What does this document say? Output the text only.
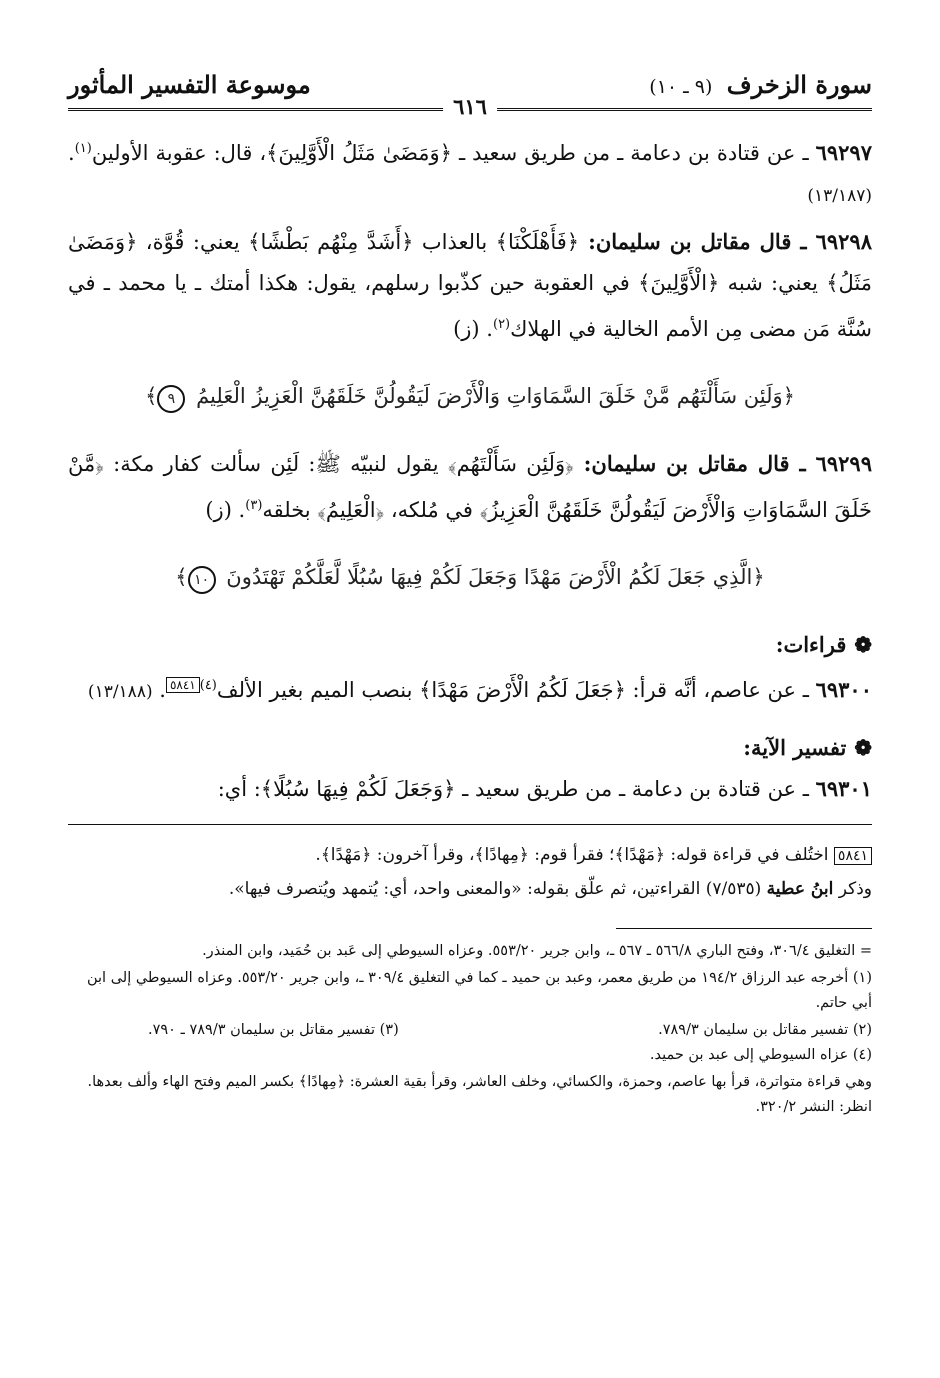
سورة الزخرف (٩ ـ ١٠)
موسوعة التفسير المأثور
٦١٦

٦٩٢٩٧ ـ عن قتادة بن دعامة ـ من طريق سعيد ـ ﴿وَمَضَىٰ مَثَلُ الْأَوَّلِينَ﴾، قال: عقوبة الأولين$^{(١)}$. (١٣/١٨٧)

٦٩٢٩٨ ـ قال مقاتل بن سليمان: ﴿فَأَهْلَكْنَا﴾ بالعذاب ﴿أَشَدَّ مِنْهُم بَطْشًا﴾ يعني: قُوَّة، ﴿وَمَضَىٰ مَثَلُ﴾ يعني: شبه ﴿الْأَوَّلِينَ﴾ في العقوبة حين كذّبوا رسلهم، يقول: هكذا أمتك ـ يا محمد ـ في سُنَّة مَن مضى مِن الأمم الخالية في الهلاك$^{(٢)}$. (ز)

﴿وَلَئِن سَأَلْتَهُم مَّنْ خَلَقَ السَّمَاوَاتِ وَالْأَرْضَ لَيَقُولُنَّ خَلَقَهُنَّ الْعَزِيزُ الْعَلِيمُ ٩﴾

٦٩٢٩٩ ـ قال مقاتل بن سليمان: ﴿وَلَئِن سَأَلْتَهُم﴾ يقول لنبيّه ﷺ: لَئِن سألت كفار مكة: ﴿مَّنْ خَلَقَ السَّمَاوَاتِ وَالْأَرْضَ لَيَقُولُنَّ خَلَقَهُنَّ الْعَزِيزُ﴾ في مُلكه، ﴿الْعَلِيمُ﴾ بخلقه$^{(٣)}$. (ز)

﴿الَّذِي جَعَلَ لَكُمُ الْأَرْضَ مَهْدًا وَجَعَلَ لَكُمْ فِيهَا سُبُلًا لَّعَلَّكُمْ تَهْتَدُونَ ١٠﴾
❁قراءات:

٦٩٣٠٠ ـ عن عاصم، أنَّه قرأ: ﴿جَعَلَ لَكُمُ الْأَرْضَ مَهْدًا﴾ بنصب الميم بغير الألف$^{(٤)٥٨٤١}$. (١٣/١٨٨)

❁تفسير الآية:

٦٩٣٠١ ـ عن قتادة بن دعامة ـ من طريق سعيد ـ ﴿وَجَعَلَ لَكُمْ فِيهَا سُبُلًا﴾: أي:

٥٨٤١ اختُلف في قراءة قوله: ﴿مَهْدًا﴾؛ فقرأ قوم: ﴿مِهادًا﴾، وقرأ آخرون: ﴿مَهْدًا﴾.
وذكر ابنُ عطية (٧/٥٣٥) القراءتين، ثم علّق بقوله: «والمعنى واحد، أي: يُتمهد ويُتصرف فيها».

= التغليق ٣٠٦/٤، وفتح الباري ٥٦٦/٨ ـ ٥٦٧ ـ، وابن جرير ٥٥٣/٢٠. وعزاه السيوطي إلى عَبد بن حُمَيد، وابن المنذر.

(١) أخرجه عبد الرزاق ١٩٤/٢ من طريق معمر، وعبد بن حميد ـ كما في التغليق ٣٠٩/٤ ـ، وابن جرير ٥٥٣/٢٠. وعزاه السيوطي إلى ابن أبي حاتم.

(٢) تفسير مقاتل بن سليمان ٧٨٩/٣.
(٣) تفسير مقاتل بن سليمان ٧٨٩/٣ ـ ٧٩٠.

(٤) عزاه السيوطي إلى عبد بن حميد.

وهي قراءة متواترة، قرأ بها عاصم، وحمزة، والكسائي، وخلف العاشر، وقرأ بقية العشرة: ﴿مِهادًا﴾ بكسر الميم وفتح الهاء وألف بعدها. انظر: النشر ٣٢٠/٢.
